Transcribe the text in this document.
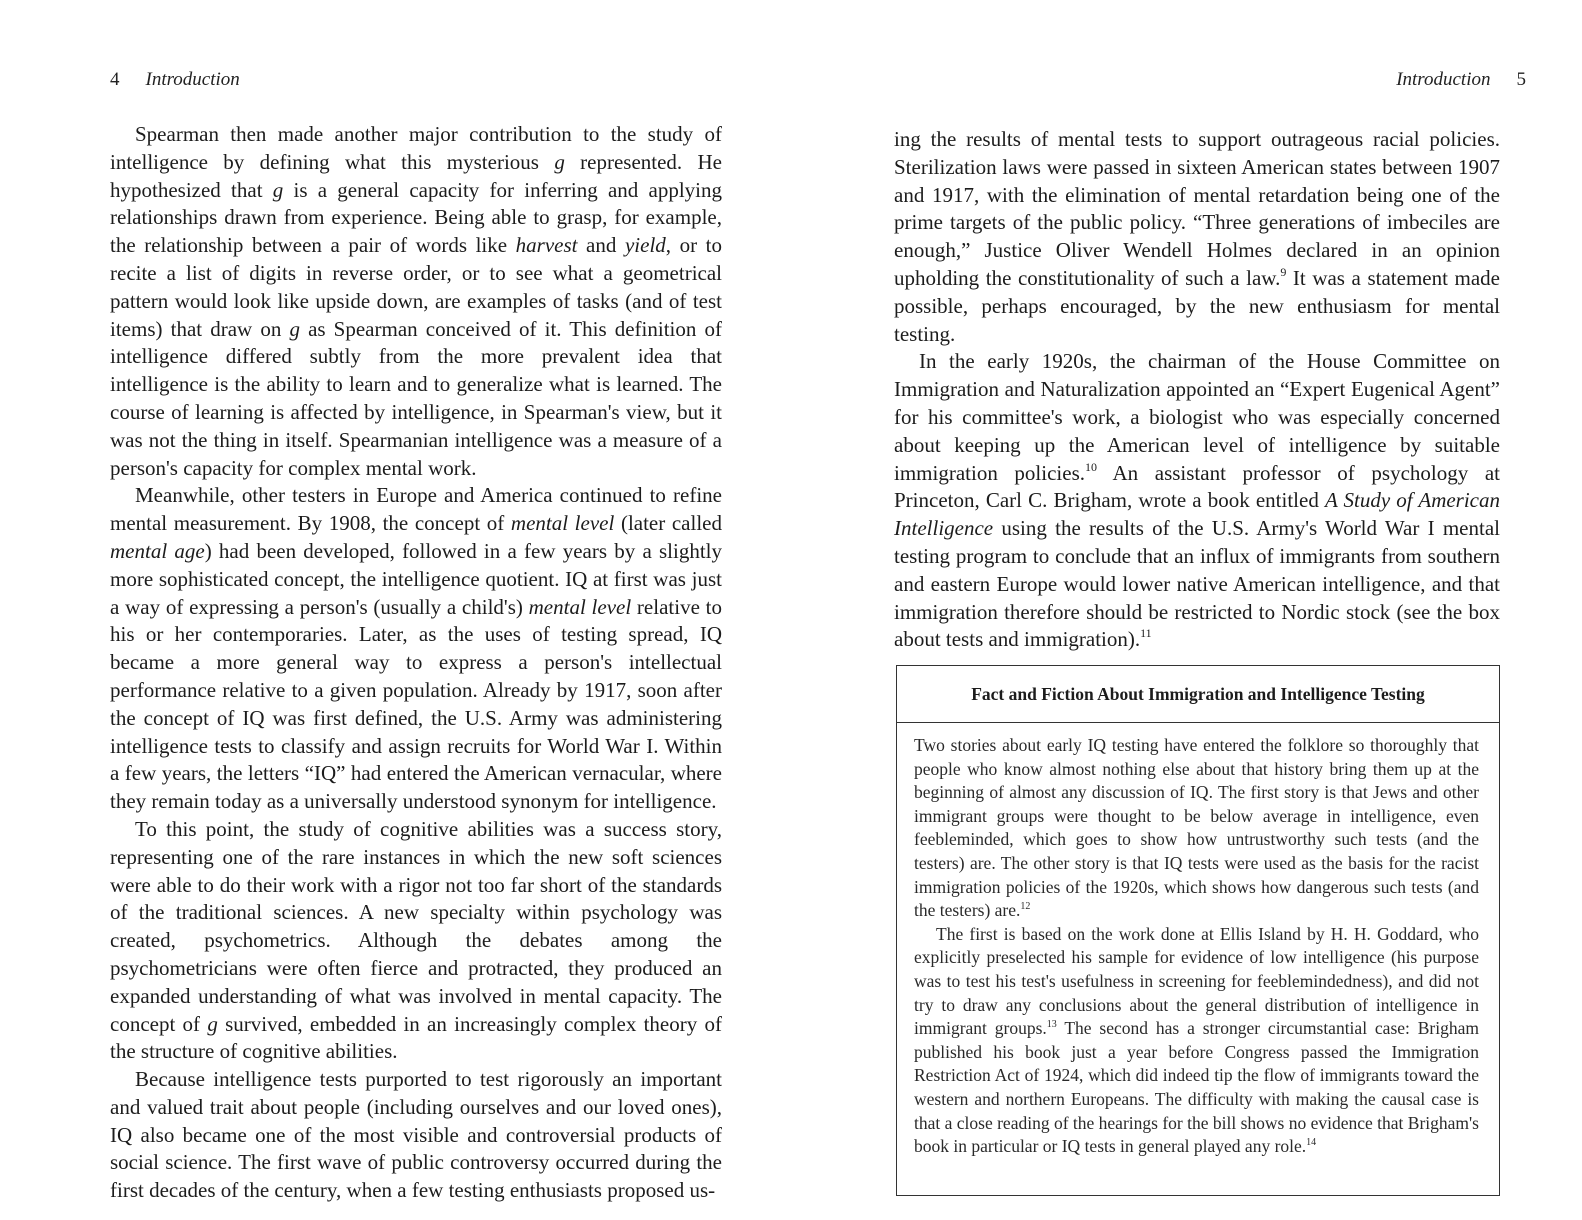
4 Introduction

Spearman then made another major contribution to the study of intelligence by defining what this mysterious g represented. He hypothesized that g is a general capacity for inferring and applying relationships drawn from experience. Being able to grasp, for example, the relationship between a pair of words like harvest and yield, or to recite a list of digits in reverse order, or to see what a geometrical pattern would look like upside down, are examples of tasks (and of test items) that draw on g as Spearman conceived of it. This definition of intelligence differed subtly from the more prevalent idea that intelligence is the ability to learn and to generalize what is learned. The course of learning is affected by intelligence, in Spearman's view, but it was not the thing in itself. Spearmanian intelligence was a measure of a person's capacity for complex mental work.

Meanwhile, other testers in Europe and America continued to refine mental measurement. By 1908, the concept of mental level (later called mental age) had been developed, followed in a few years by a slightly more sophisticated concept, the intelligence quotient. IQ at first was just a way of expressing a person's (usually a child's) mental level relative to his or her contemporaries. Later, as the uses of testing spread, IQ became a more general way to express a person's intellectual performance relative to a given population. Already by 1917, soon after the concept of IQ was first defined, the U.S. Army was administering intelligence tests to classify and assign recruits for World War I. Within a few years, the letters “IQ” had entered the American vernacular, where they remain today as a universally understood synonym for intelligence.

To this point, the study of cognitive abilities was a success story, representing one of the rare instances in which the new soft sciences were able to do their work with a rigor not too far short of the standards of the traditional sciences. A new specialty within psychology was created, psychometrics. Although the debates among the psychometricians were often fierce and protracted, they produced an expanded understanding of what was involved in mental capacity. The concept of g survived, embedded in an increasingly complex theory of the structure of cognitive abilities.

Because intelligence tests purported to test rigorously an important and valued trait about people (including ourselves and our loved ones), IQ also became one of the most visible and controversial products of social science. The first wave of public controversy occurred during the first decades of the century, when a few testing enthusiasts proposed us-

Introduction 5

ing the results of mental tests to support outrageous racial policies. Sterilization laws were passed in sixteen American states between 1907 and 1917, with the elimination of mental retardation being one of the prime targets of the public policy. “Three generations of imbeciles are enough,” Justice Oliver Wendell Holmes declared in an opinion upholding the constitutionality of such a law.$^9$ It was a statement made possible, perhaps encouraged, by the new enthusiasm for mental testing.

In the early 1920s, the chairman of the House Committee on Immigration and Naturalization appointed an “Expert Eugenical Agent” for his committee's work, a biologist who was especially concerned about keeping up the American level of intelligence by suitable immigration policies.$^{10}$ An assistant professor of psychology at Princeton, Carl C. Brigham, wrote a book entitled A Study of American Intelligence using the results of the U.S. Army's World War I mental testing program to conclude that an influx of immigrants from southern and eastern Europe would lower native American intelligence, and that immigration therefore should be restricted to Nordic stock (see the box about tests and immigration).$^{11}$

Fact and Fiction About Immigration and Intelligence Testing

Two stories about early IQ testing have entered the folklore so thoroughly that people who know almost nothing else about that history bring them up at the beginning of almost any discussion of IQ. The first story is that Jews and other immigrant groups were thought to be below average in intelligence, even feebleminded, which goes to show how untrustworthy such tests (and the testers) are. The other story is that IQ tests were used as the basis for the racist immigration policies of the 1920s, which shows how dangerous such tests (and the testers) are.$^{12}$

The first is based on the work done at Ellis Island by H. H. Goddard, who explicitly preselected his sample for evidence of low intelligence (his purpose was to test his test's usefulness in screening for feeblemindedness), and did not try to draw any conclusions about the general distribution of intelligence in immigrant groups.$^{13}$ The second has a stronger circumstantial case: Brigham published his book just a year before Congress passed the Immigration Restriction Act of 1924, which did indeed tip the flow of immigrants toward the western and northern Europeans. The difficulty with making the causal case is that a close reading of the hearings for the bill shows no evidence that Brigham's book in particular or IQ tests in general played any role.$^{14}$
